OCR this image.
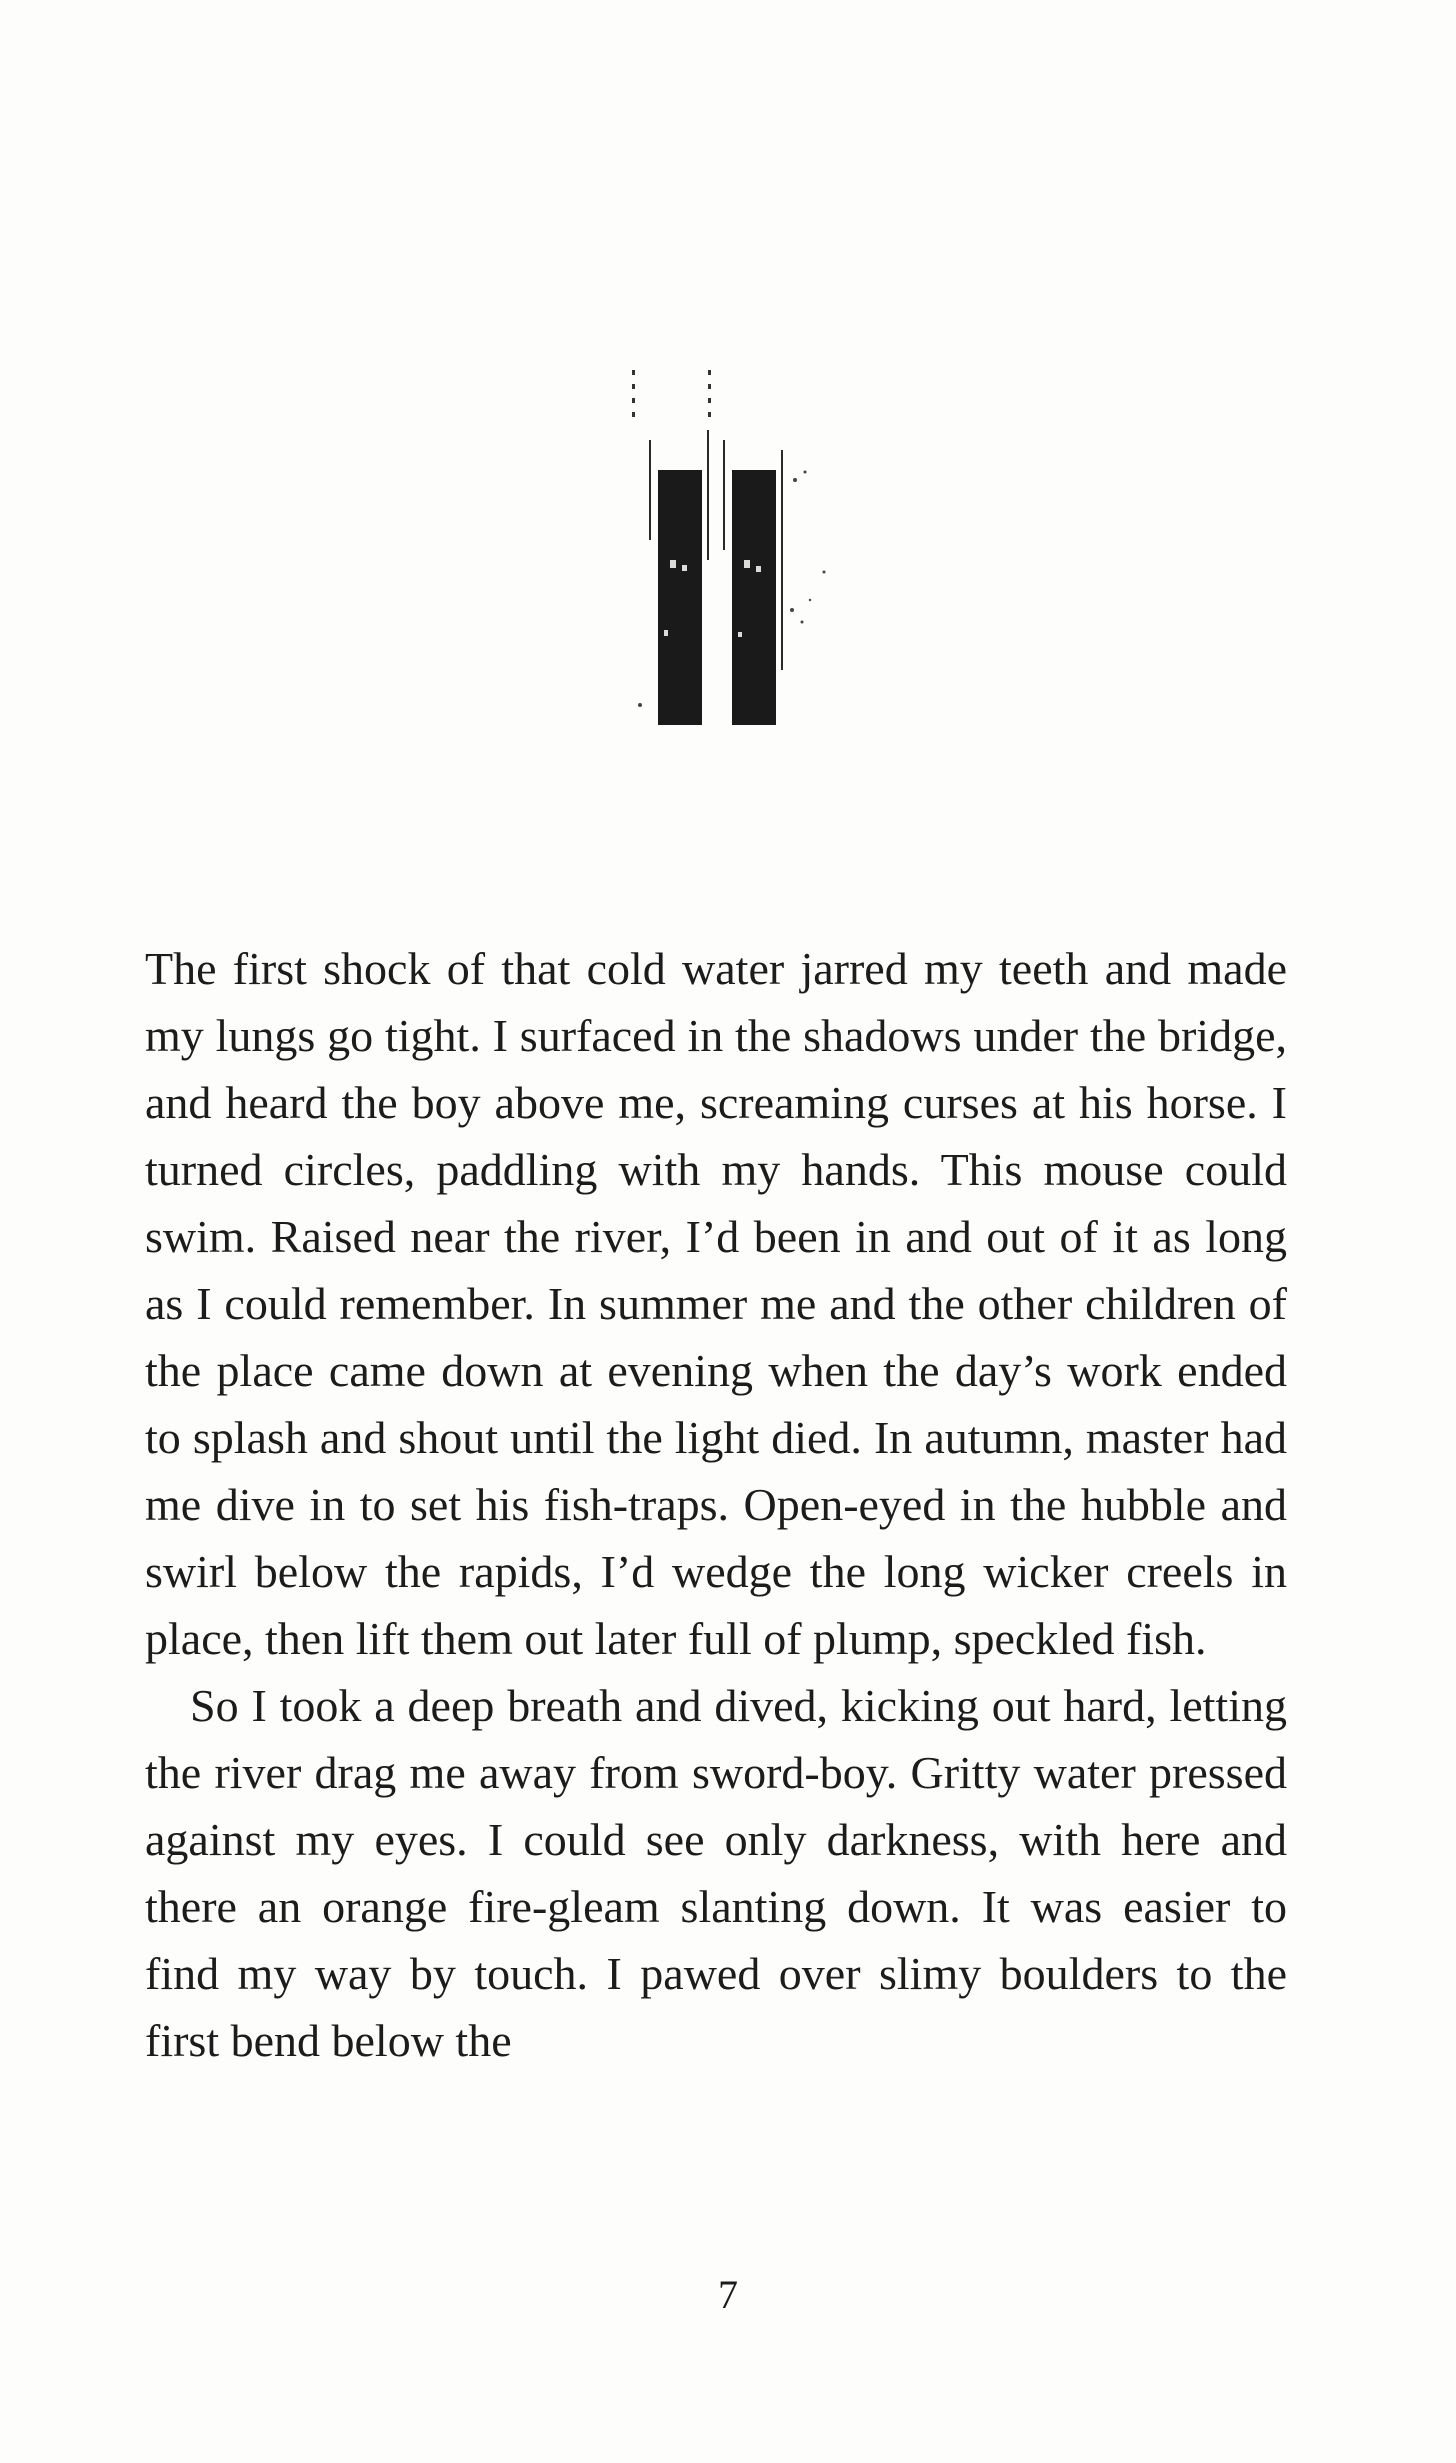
The first shock of that cold water jarred my teeth and made my lungs go tight. I surfaced in the shadows under the bridge, and heard the boy above me, screaming curses at his horse. I turned circles, paddling with my hands. This mouse could swim. Raised near the river, I’d been in and out of it as long as I could remember. In summer me and the other children of the place came down at evening when the day’s work ended to splash and shout until the light died. In autumn, master had me dive in to set his fish-traps. Open-eyed in the hubble and swirl below the rapids, I’d wedge the long wicker creels in place, then lift them out later full of plump, speckled fish.

So I took a deep breath and dived, kicking out hard, letting the river drag me away from sword-boy. Gritty water pressed against my eyes. I could see only darkness, with here and there an orange fire-gleam slanting down. It was easier to find my way by touch. I pawed over slimy boulders to the first bend below the

7
